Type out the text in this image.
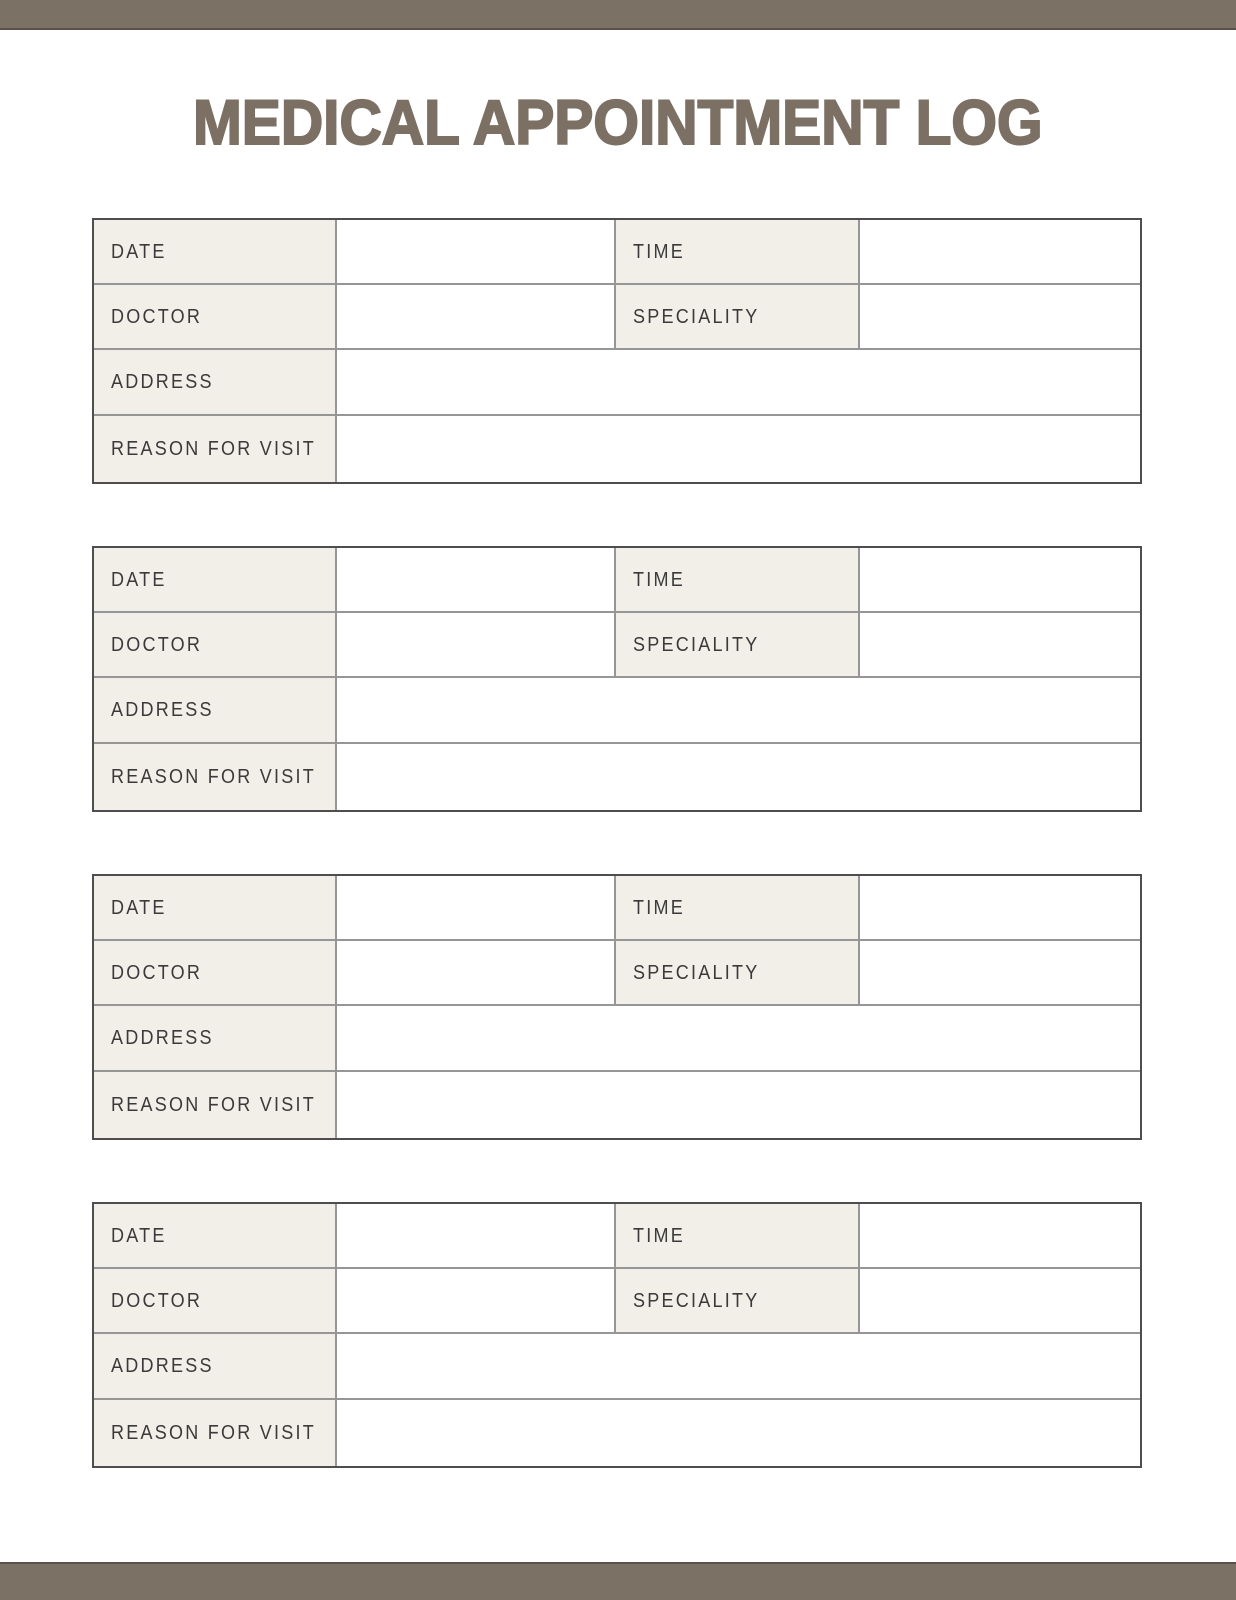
MEDICAL APPOINTMENT LOG
DATE	TIME
DOCTOR	SPECIALITY
ADDRESS
REASON FOR VISIT
DATE	TIME
DOCTOR	SPECIALITY
ADDRESS
REASON FOR VISIT
DATE	TIME
DOCTOR	SPECIALITY
ADDRESS
REASON FOR VISIT
DATE	TIME
DOCTOR	SPECIALITY
ADDRESS
REASON FOR VISIT
